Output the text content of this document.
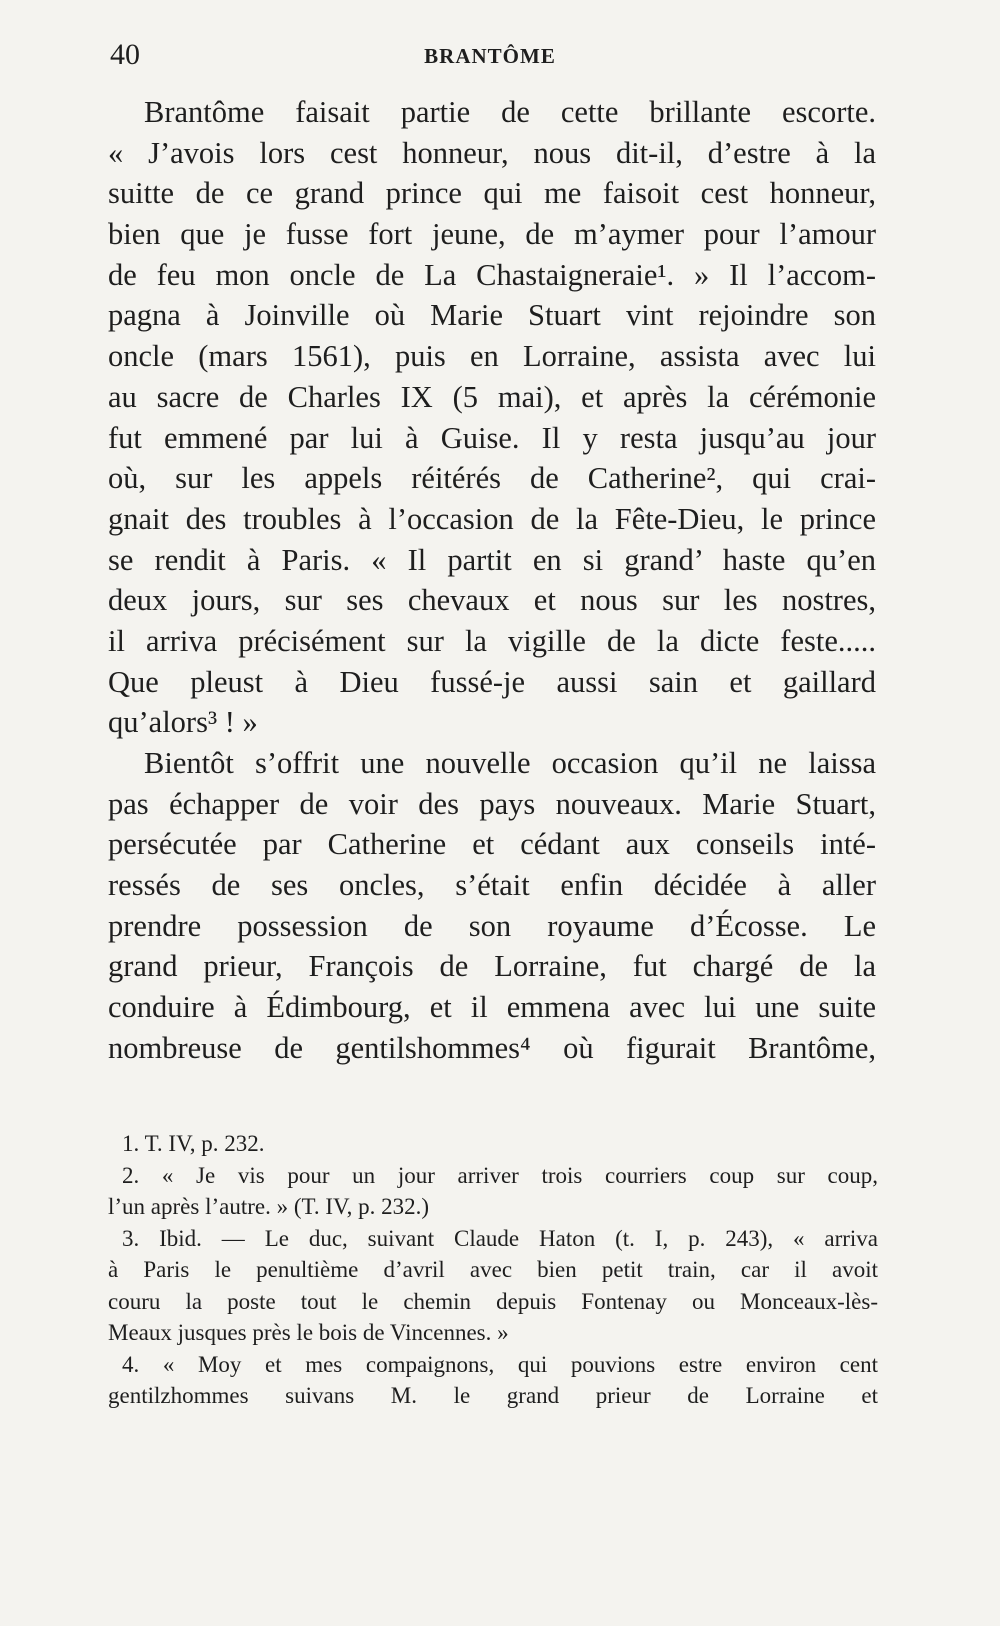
40	BRANTÔME
Brantôme faisait partie de cette brillante escorte.
« J’avois lors cest honneur, nous dit-il, d’estre à la
suitte de ce grand prince qui me faisoit cest honneur,
bien que je fusse fort jeune, de m’aymer pour l’amour
de feu mon oncle de La Chastaigneraie¹. » Il l’accom-
pagna à Joinville où Marie Stuart vint rejoindre son
oncle (mars 1561), puis en Lorraine, assista avec lui
au sacre de Charles IX (5 mai), et après la cérémonie
fut emmené par lui à Guise. Il y resta jusqu’au jour
où, sur les appels réitérés de Catherine², qui crai-
gnait des troubles à l’occasion de la Fête-Dieu, le prince
se rendit à Paris. « Il partit en si grand’ haste qu’en
deux jours, sur ses chevaux et nous sur les nostres,
il arriva précisément sur la vigille de la dicte feste.....
Que pleust à Dieu fussé-je aussi sain et gaillard
qu’alors³ ! »
Bientôt s’offrit une nouvelle occasion qu’il ne laissa
pas échapper de voir des pays nouveaux. Marie Stuart,
persécutée par Catherine et cédant aux conseils inté-
ressés de ses oncles, s’était enfin décidée à aller
prendre possession de son royaume d’Écosse. Le
grand prieur, François de Lorraine, fut chargé de la
conduire à Édimbourg, et il emmena avec lui une suite
nombreuse de gentilshommes⁴ où figurait Brantôme,
1. T. IV, p. 232.
2. « Je vis pour un jour arriver trois courriers coup sur coup,
l’un après l’autre. » (T. IV, p. 232.)
3. Ibid. — Le duc, suivant Claude Haton (t. I, p. 243), « arriva
à Paris le penultième d’avril avec bien petit train, car il avoit
couru la poste tout le chemin depuis Fontenay ou Monceaux-lès-
Meaux jusques près le bois de Vincennes. »
4. « Moy et mes compaignons, qui pouvions estre environ cent
gentilzhommes suivans M. le grand prieur de Lorraine et
